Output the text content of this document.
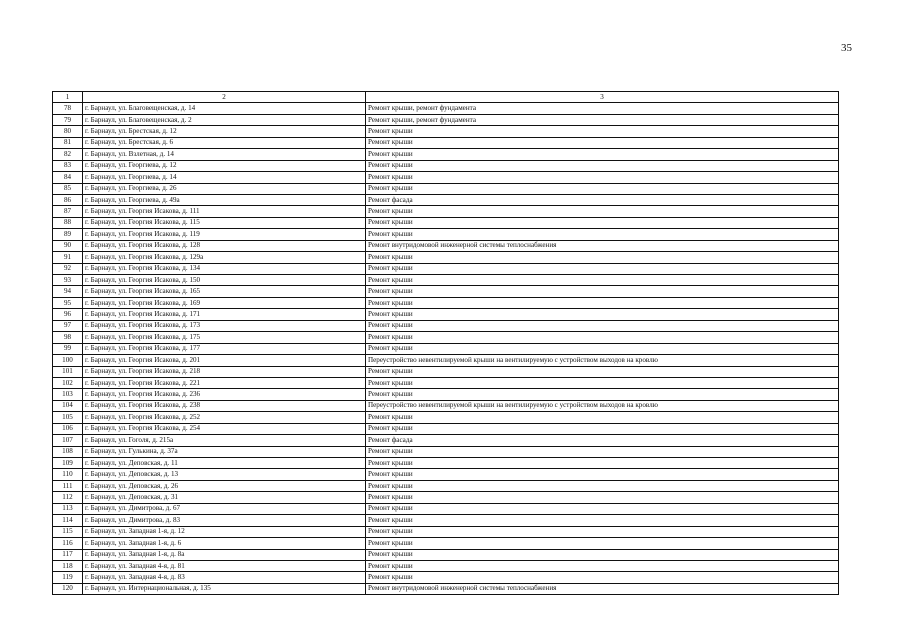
35
1	2	3
78	г. Барнаул, ул. Благовещенская, д. 14	Ремонт крыши, ремонт фундамента
79	г. Барнаул, ул. Благовещенская, д. 2	Ремонт крыши, ремонт фундамента
80	г. Барнаул, ул. Брестская, д. 12	Ремонт крыши
81	г. Барнаул, ул. Брестская, д. 6	Ремонт крыши
82	г. Барнаул, ул. Взлетная, д. 14	Ремонт крыши
83	г. Барнаул, ул. Георгиева, д. 12	Ремонт крыши
84	г. Барнаул, ул. Георгиева, д. 14	Ремонт крыши
85	г. Барнаул, ул. Георгиева, д. 26	Ремонт крыши
86	г. Барнаул, ул. Георгиева, д. 49а	Ремонт фасада
87	г. Барнаул, ул. Георгия Исакова, д. 111	Ремонт крыши
88	г. Барнаул, ул. Георгия Исакова, д. 115	Ремонт крыши
89	г. Барнаул, ул. Георгия Исакова, д. 119	Ремонт крыши
90	г. Барнаул, ул. Георгия Исакова, д. 128	Ремонт внутридомовой инженерной системы теплоснабжения
91	г. Барнаул, ул. Георгия Исакова, д. 129а	Ремонт крыши
92	г. Барнаул, ул. Георгия Исакова, д. 134	Ремонт крыши
93	г. Барнаул, ул. Георгия Исакова, д. 150	Ремонт крыши
94	г. Барнаул, ул. Георгия Исакова, д. 165	Ремонт крыши
95	г. Барнаул, ул. Георгия Исакова, д. 169	Ремонт крыши
96	г. Барнаул, ул. Георгия Исакова, д. 171	Ремонт крыши
97	г. Барнаул, ул. Георгия Исакова, д. 173	Ремонт крыши
98	г. Барнаул, ул. Георгия Исакова, д. 175	Ремонт крыши
99	г. Барнаул, ул. Георгия Исакова, д. 177	Ремонт крыши
100	г. Барнаул, ул. Георгия Исакова, д. 201	Переустройство невентилируемой крыши на вентилируемую с устройством выходов на кровлю
101	г. Барнаул, ул. Георгия Исакова, д. 218	Ремонт крыши
102	г. Барнаул, ул. Георгия Исакова, д. 221	Ремонт крыши
103	г. Барнаул, ул. Георгия Исакова, д. 236	Ремонт крыши
104	г. Барнаул, ул. Георгия Исакова, д. 238	Переустройство невентилируемой крыши на вентилируемую с устройством выходов на кровлю
105	г. Барнаул, ул. Георгия Исакова, д. 252	Ремонт крыши
106	г. Барнаул, ул. Георгия Исакова, д. 254	Ремонт крыши
107	г. Барнаул, ул. Гоголя, д. 215а	Ремонт фасада
108	г. Барнаул, ул. Гулькина, д. 37а	Ремонт крыши
109	г. Барнаул, ул. Деповская, д. 11	Ремонт крыши
110	г. Барнаул, ул. Деповская, д. 13	Ремонт крыши
111	г. Барнаул, ул. Деповская, д. 26	Ремонт крыши
112	г. Барнаул, ул. Деповская, д. 31	Ремонт крыши
113	г. Барнаул, ул. Димитрова, д. 67	Ремонт крыши
114	г. Барнаул, ул. Димитрова, д. 83	Ремонт крыши
115	г. Барнаул, ул. Западная 1-я, д. 12	Ремонт крыши
116	г. Барнаул, ул. Западная 1-я, д. 6	Ремонт крыши
117	г. Барнаул, ул. Западная 1-я, д. 8а	Ремонт крыши
118	г. Барнаул, ул. Западная 4-я, д. 81	Ремонт крыши
119	г. Барнаул, ул. Западная 4-я, д. 83	Ремонт крыши
120	г. Барнаул, ул. Интернациональная, д. 135	Ремонт внутридомовой инженерной системы теплоснабжения
